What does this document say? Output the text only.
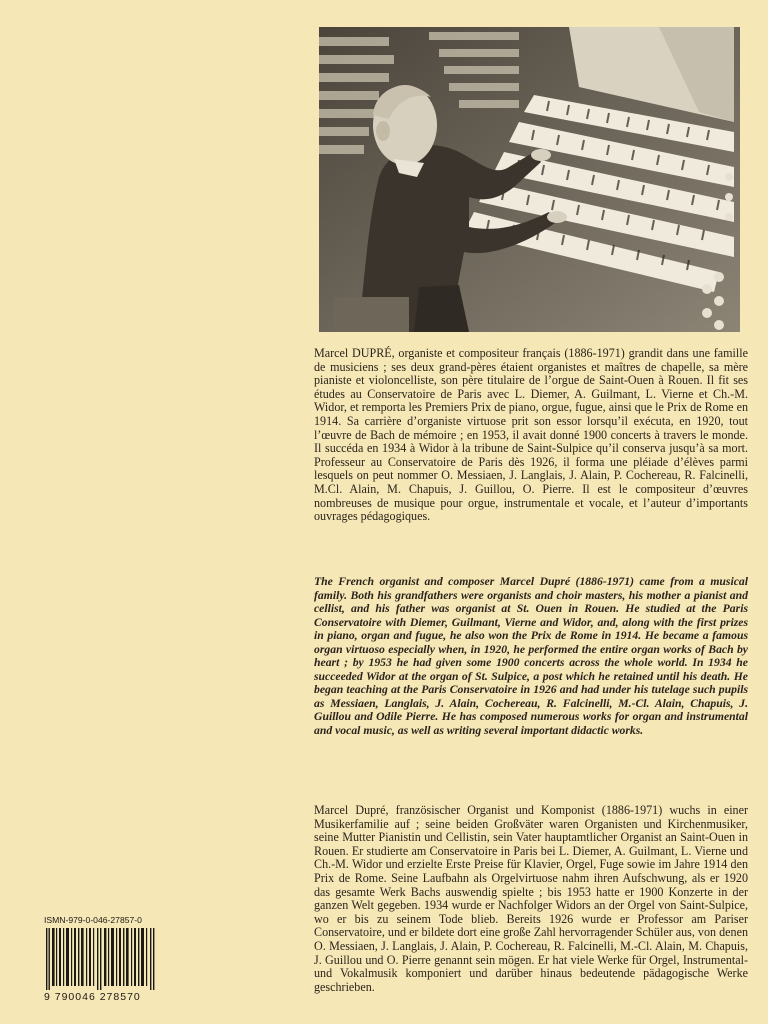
Marcel DUPRÉ, organiste et compositeur français (1886-1971) grandit dans une famille de musiciens ; ses deux grand-pères étaient organistes et maîtres de chapelle, sa mère pianiste et violoncelliste, son père titulaire de l’orgue de Saint-Ouen à Rouen. Il fit ses études au Conservatoire de Paris avec L. Diemer, A. Guilmant, L. Vierne et Ch.-M. Widor, et remporta les Premiers Prix de piano, orgue, fugue, ainsi que le Prix de Rome en 1914. Sa carrière d’organiste virtuose prit son essor lorsqu’il exécuta, en 1920, tout l’œuvre de Bach de mémoire ; en 1953, il avait donné 1900 concerts à travers le monde. Il succéda en 1934 à Widor à la tribune de Saint-Sulpice qu’il conserva jusqu’à sa mort. Professeur au Conservatoire de Paris dès 1926, il forma une pléiade d’élèves parmi lesquels on peut nommer O. Messiaen, J. Langlais, J. Alain, P. Cochereau, R. Falcinelli, M.Cl. Alain, M. Chapuis, J. Guillou, O. Pierre. Il est le compositeur d’œuvres nombreuses de musique pour orgue, instrumentale et vocale, et l’auteur d’importants ouvrages pédagogiques.
The French organist and composer Marcel Dupré (1886-1971) came from a musical family. Both his grandfathers were organists and choir masters, his mother a pianist and cellist, and his father was organist at St. Ouen in Rouen. He studied at the Paris Conservatoire with Diemer, Guilmant, Vierne and Widor, and, along with the first prizes in piano, organ and fugue, he also won the Prix de Rome in 1914. He became a famous organ virtuoso especially when, in 1920, he performed the entire organ works of Bach by heart ; by 1953 he had given some 1900 concerts across the whole world. In 1934 he succeeded Widor at the organ of St. Sulpice, a post which he retained until his death. He began teaching at the Paris Conservatoire in 1926 and had under his tutelage such pupils as Messiaen, Langlais, J. Alain, Cochereau, R. Falcinelli, M.-Cl. Alain, Chapuis, J. Guillou and Odile Pierre. He has composed numerous works for organ and instrumental and vocal music, as well as writing several important didactic works.
Marcel Dupré, französischer Organist und Komponist (1886-1971) wuchs in einer Musikerfamilie auf ; seine beiden Großväter waren Organisten und Kirchenmusiker, seine Mutter Pianistin und Cellistin, sein Vater hauptamtlicher Organist an Saint-Ouen in Rouen. Er studierte am Conservatoire in Paris bei L. Diemer, A. Guilmant, L. Vierne und Ch.-M. Widor und erzielte Erste Preise für Klavier, Orgel, Fuge sowie im Jahre 1914 den Prix de Rome. Seine Laufbahn als Orgelvirtuose nahm ihren Aufschwung, als er 1920 das gesamte Werk Bachs auswendig spielte ; bis 1953 hatte er 1900 Konzerte in der ganzen Welt gegeben. 1934 wurde er Nachfolger Widors an der Orgel von Saint-Sulpice, wo er bis zu seinem Tode blieb. Bereits 1926 wurde er Professor am Pariser Conservatoire, und er bildete dort eine große Zahl hervorragender Schüler aus, von denen O. Messiaen, J. Langlais, J. Alain, P. Cochereau, R. Falcinelli, M.-Cl. Alain, M. Chapuis, J. Guillou und O. Pierre genannt sein mögen. Er hat viele Werke für Orgel, Instrumental- und Vokalmusik komponiert und darüber hinaus bedeutende pädagogische Werke geschrieben.
ISMN-979-0-046-27857-0
9 790046 278570
